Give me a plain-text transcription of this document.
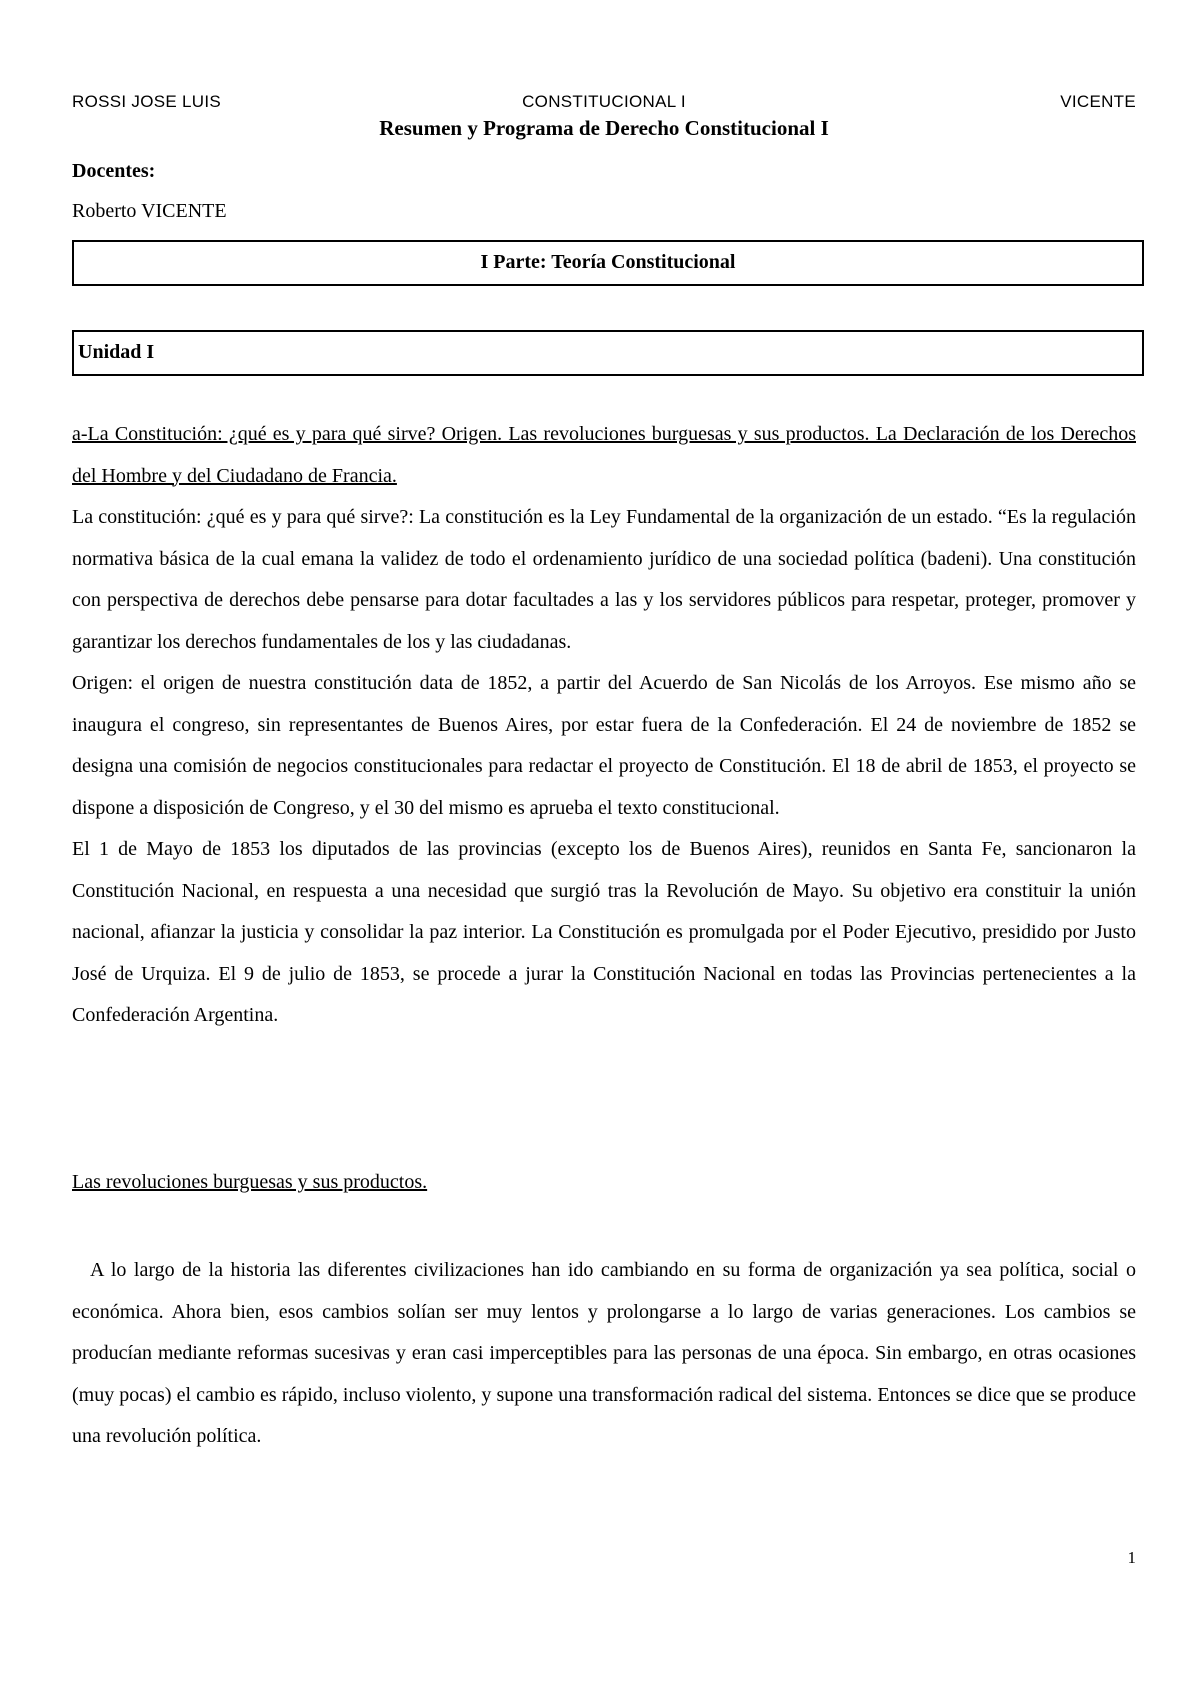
ROSSI JOSE LUIS	CONSTITUCIONAL I	VICENTE
Resumen y Programa de Derecho Constitucional I
Docentes:
Roberto VICENTE
I Parte: Teoría Constitucional
Unidad I
a-La Constitución: ¿qué es y para qué sirve? Origen. Las revoluciones burguesas y sus productos. La Declaración de los Derechos del Hombre y del Ciudadano de Francia.
La constitución: ¿qué es y para qué sirve?: La constitución es la Ley Fundamental de la organización de un estado. “Es la regulación normativa básica de la cual emana la validez de todo el ordenamiento jurídico de una sociedad política (badeni). Una constitución con perspectiva de derechos debe pensarse para dotar facultades a las y los servidores públicos para respetar, proteger, promover y garantizar los derechos fundamentales de los y las ciudadanas.
Origen: el origen de nuestra constitución data de 1852, a partir del Acuerdo de San Nicolás de los Arroyos. Ese mismo año se inaugura el congreso, sin representantes de Buenos Aires, por estar fuera de la Confederación. El 24 de noviembre de 1852 se designa una comisión de negocios constitucionales para redactar el proyecto de Constitución. El 18 de abril de 1853, el proyecto se dispone a disposición de Congreso, y el 30 del mismo es aprueba el texto constitucional.
El 1 de Mayo de 1853 los diputados de las provincias (excepto los de Buenos Aires), reunidos en Santa Fe, sancionaron la Constitución Nacional, en respuesta a una necesidad que surgió tras la Revolución de Mayo. Su objetivo era constituir la unión nacional, afianzar la justicia y consolidar la paz interior. La Constitución es promulgada por el Poder Ejecutivo, presidido por Justo José de Urquiza. El 9 de julio de 1853, se procede a jurar la Constitución Nacional en todas las Provincias pertenecientes a la Confederación Argentina.

Las revoluciones burguesas y sus productos.

A lo largo de la historia las diferentes civilizaciones han ido cambiando en su forma de organización ya sea política, social o económica. Ahora bien, esos cambios solían ser muy lentos y prolongarse a lo largo de varias generaciones. Los cambios se producían mediante reformas sucesivas y eran casi imperceptibles para las personas de una época. Sin embargo, en otras ocasiones (muy pocas) el cambio es rápido, incluso violento, y supone una transformación radical del sistema. Entonces se dice que se produce una revolución política.

1
